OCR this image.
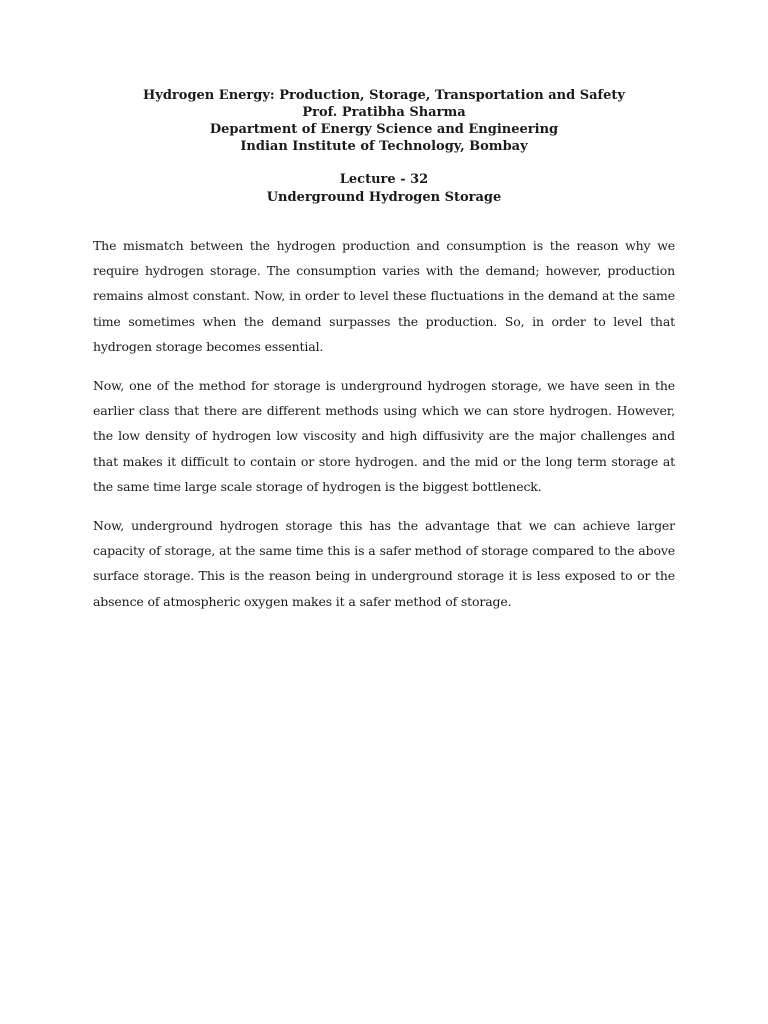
Hydrogen Energy: Production, Storage, Transportation and Safety
Prof. Pratibha Sharma
Department of Energy Science and Engineering
Indian Institute of Technology, Bombay
Lecture - 32
Underground Hydrogen Storage

The mismatch between the hydrogen production and consumption is the reason why we require hydrogen storage. The consumption varies with the demand; however, production remains almost constant. Now, in order to level these fluctuations in the demand at the same time sometimes when the demand surpasses the production. So, in order to level that hydrogen storage becomes essential.

Now, one of the method for storage is underground hydrogen storage, we have seen in the earlier class that there are different methods using which we can store hydrogen. However, the low density of hydrogen low viscosity and high diffusivity are the major challenges and that makes it difficult to contain or store hydrogen. and the mid or the long term storage at the same time large scale storage of hydrogen is the biggest bottleneck.

Now, underground hydrogen storage this has the advantage that we can achieve larger capacity of storage, at the same time this is a safer method of storage compared to the above surface storage. This is the reason being in underground storage it is less exposed to or the absence of atmospheric oxygen makes it a safer method of storage.
